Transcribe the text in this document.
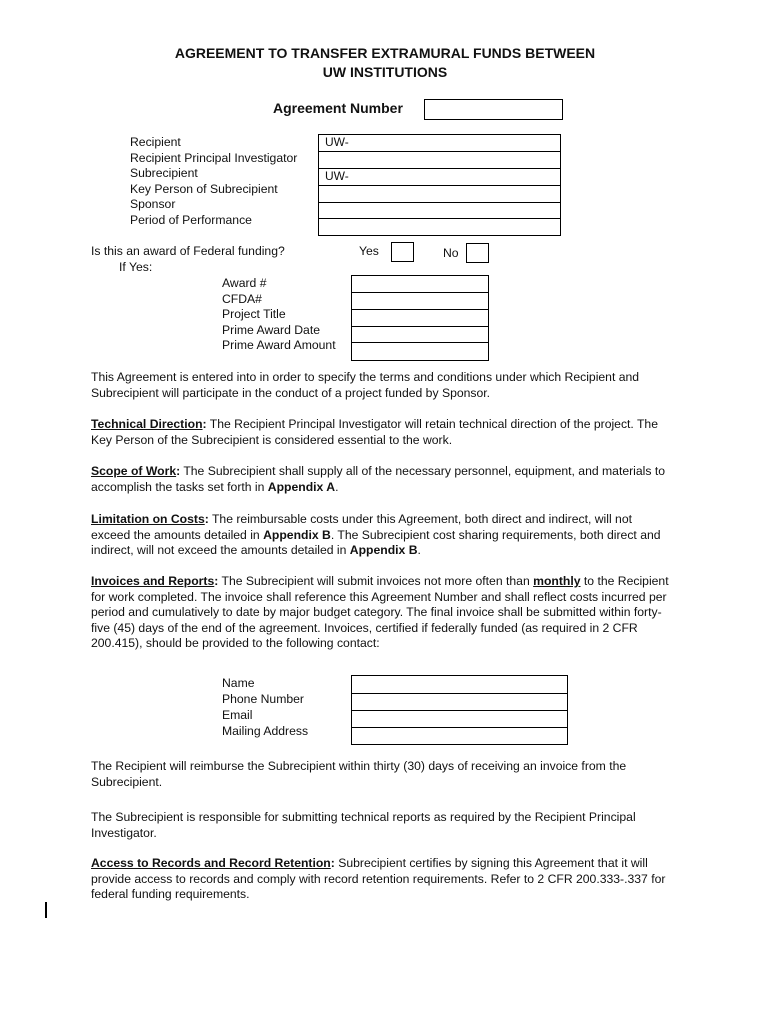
AGREEMENT TO TRANSFER EXTRAMURAL FUNDS BETWEEN
UW INSTITUTIONS
Agreement Number
Recipient
Recipient Principal Investigator
Subrecipient
Key Person of Subrecipient
Sponsor
Period of Performance
UW-
UW-
Is this an award of Federal funding?
If Yes:
Yes	No
Award #
CFDA#
Project Title
Prime Award Date
Prime Award Amount
This Agreement is entered into in order to specify the terms and conditions under which Recipient and Subrecipient will participate in the conduct of a project funded by Sponsor.
Technical Direction: The Recipient Principal Investigator will retain technical direction of the project. The Key Person of the Subrecipient is considered essential to the work.
Scope of Work: The Subrecipient shall supply all of the necessary personnel, equipment, and materials to accomplish the tasks set forth in Appendix A.
Limitation on Costs: The reimbursable costs under this Agreement, both direct and indirect, will not exceed the amounts detailed in Appendix B. The Subrecipient cost sharing requirements, both direct and indirect, will not exceed the amounts detailed in Appendix B.
Invoices and Reports: The Subrecipient will submit invoices not more often than monthly to the Recipient for work completed. The invoice shall reference this Agreement Number and shall reflect costs incurred per period and cumulatively to date by major budget category. The final invoice shall be submitted within forty-five (45) days of the end of the agreement. Invoices, certified if federally funded (as required in 2 CFR 200.415), should be provided to the following contact:
Name
Phone Number
Email
Mailing Address
The Recipient will reimburse the Subrecipient within thirty (30) days of receiving an invoice from the Subrecipient.
The Subrecipient is responsible for submitting technical reports as required by the Recipient Principal Investigator.
Access to Records and Record Retention: Subrecipient certifies by signing this Agreement that it will provide access to records and comply with record retention requirements. Refer to 2 CFR 200.333-.337 for federal funding requirements.
